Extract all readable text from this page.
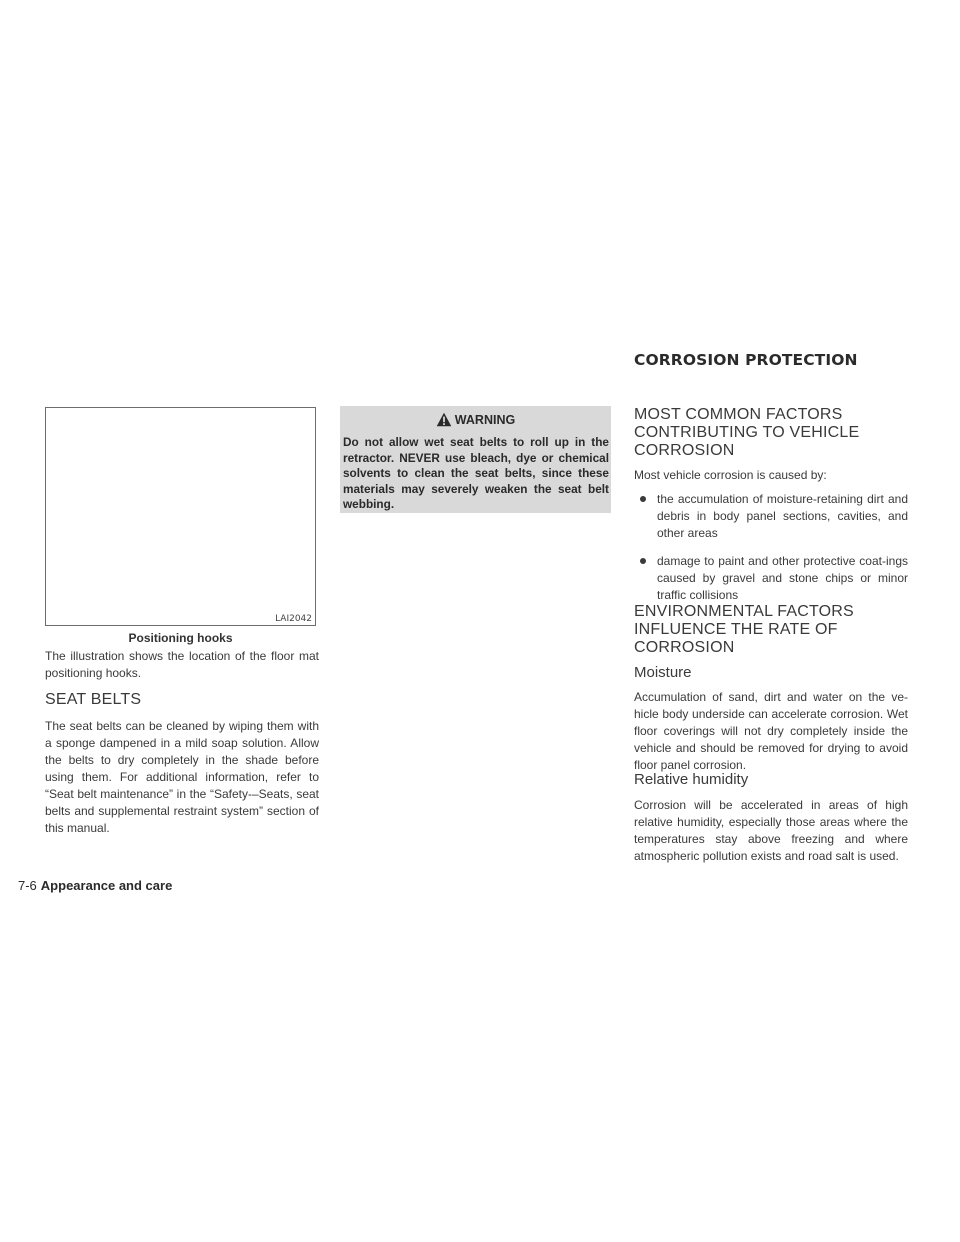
CORROSION PROTECTION
LAI2042
Positioning hooks
The illustration shows the location of the floor mat positioning hooks.
SEAT BELTS
The seat belts can be cleaned by wiping them with a sponge dampened in a mild soap solution. Allow the belts to dry completely in the shade before using them. For additional information, refer to “Seat belt maintenance” in the “Safety-–Seats, seat belts and supplemental restraint system” section of this manual.
WARNING
Do not allow wet seat belts to roll up in the retractor. NEVER use bleach, dye or chemical solvents to clean the seat belts, since these materials may severely weaken the seat belt webbing.
MOST COMMON FACTORS CONTRIBUTING TO VEHICLE CORROSION
Most vehicle corrosion is caused by:
the accumulation of moisture-retaining dirt and debris in body panel sections, cavities, and other areas
damage to paint and other protective coat-ings caused by gravel and stone chips or minor traffic collisions
ENVIRONMENTAL FACTORS INFLUENCE THE RATE OF CORROSION
Moisture
Accumulation of sand, dirt and water on the ve-hicle body underside can accelerate corrosion. Wet floor coverings will not dry completely inside the vehicle and should be removed for drying to avoid floor panel corrosion.
Relative humidity
Corrosion will be accelerated in areas of high relative humidity, especially those areas where the temperatures stay above freezing and where atmospheric pollution exists and road salt is used.
7-6 Appearance and care
